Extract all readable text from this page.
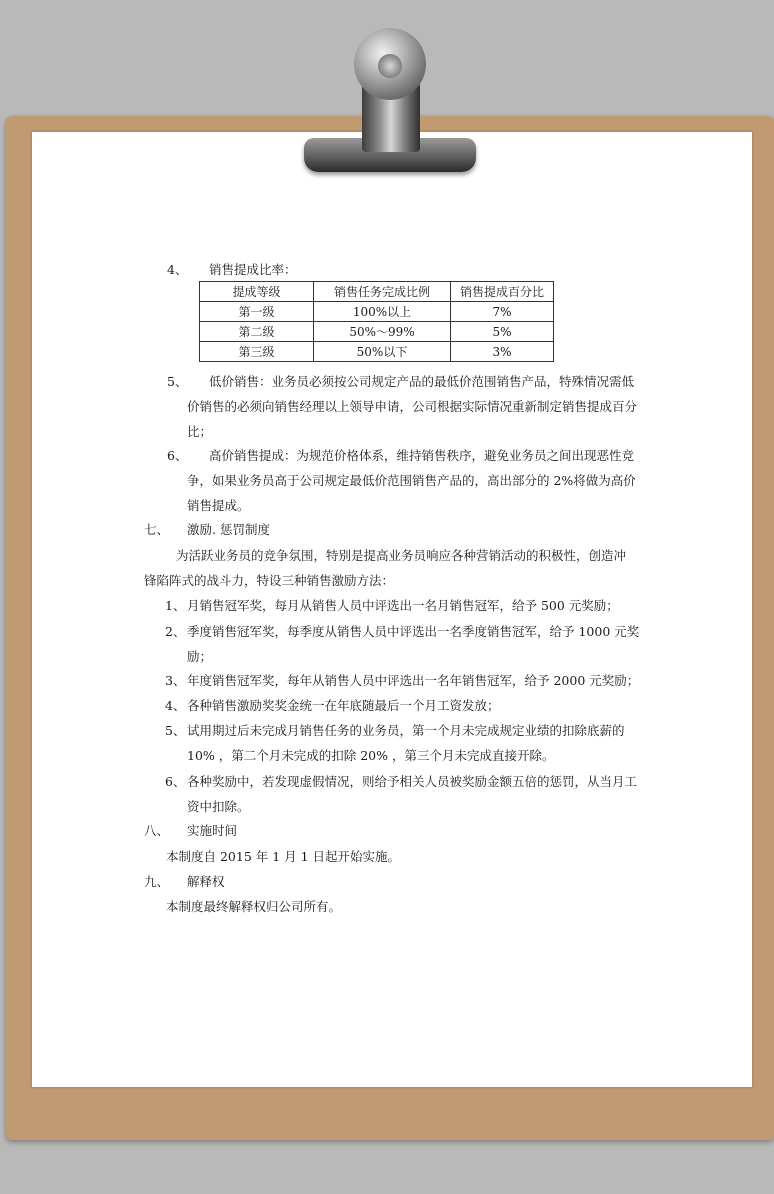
4、 销售提成比率：
提成等级	销售任务完成比例	销售提成百分比
第一级	100%以上	7%
第二级	50%～99%	5%
第三级	50%以下	3%
5、 低价销售：业务员必须按公司规定产品的最低价范围销售产品，特殊情况需低
价销售的必须向销售经理以上领导申请，公司根据实际情况重新制定销售提成百分
比；
6、 高价销售提成：为规范价格体系，维持销售秩序，避免业务员之间出现恶性竞
争，如果业务员高于公司规定最低价范围销售产品的，高出部分的 2%将做为高价
销售提成。
七、 激励. 惩罚制度
为活跃业务员的竞争氛围，特别是提高业务员响应各种营销活动的积极性，创造冲
锋陷阵式的战斗力，特设三种销售激励方法：
1、 月销售冠军奖，每月从销售人员中评选出一名月销售冠军，给予 500 元奖励；
2、 季度销售冠军奖，每季度从销售人员中评选出一名季度销售冠军，给予 1000 元奖
励；
3、 年度销售冠军奖，每年从销售人员中评选出一名年销售冠军，给予 2000 元奖励；
4、 各种销售激励奖奖金统一在年底随最后一个月工资发放；
5、 试用期过后未完成月销售任务的业务员，第一个月未完成规定业绩的扣除底薪的
10% ，第二个月未完成的扣除 20% ，第三个月未完成直接开除。
6、 各种奖励中，若发现虚假情况，则给予相关人员被奖励金额五倍的惩罚，从当月工
资中扣除。
八、 实施时间
本制度自 2015 年 1 月 1 日起开始实施。
九、 解释权
本制度最终解释权归公司所有。
